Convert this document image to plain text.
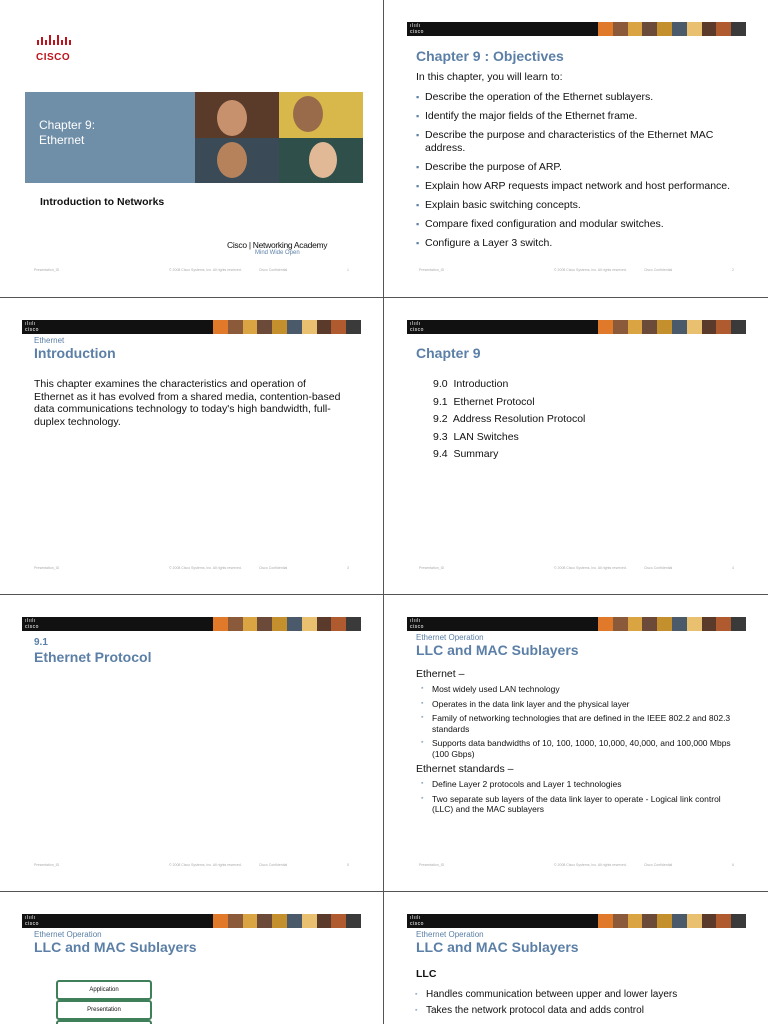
CISCO
Chapter 9:
Ethernet
Introduction to Networks
Cisco | Networking Academy
Mind Wide Open
Presentation_ID	© 2008 Cisco Systems, Inc. All rights reserved.	Cisco Confidential	1
ılıılı
cisco
Chapter 9 : Objectives
In this chapter, you will learn to:
▪ Describe the operation of the Ethernet sublayers.
▪ Identify the major fields of the Ethernet frame.
▪ Describe the purpose and characteristics of the Ethernet MAC address.
▪ Describe the purpose of ARP.
▪ Explain how ARP requests impact network and host performance.
▪ Explain basic switching concepts.
▪ Compare fixed configuration and modular switches.
▪ Configure a Layer 3 switch.
Presentation_ID	© 2008 Cisco Systems, Inc. All rights reserved.	Cisco Confidential	2
ılıılı
cisco
Ethernet
Introduction
This chapter examines the characteristics and operation of Ethernet as it has evolved from a shared media, contention-based data communications technology to today's high bandwidth, full-duplex technology.
Presentation_ID	© 2008 Cisco Systems, Inc. All rights reserved.	Cisco Confidential	3
ılıılı
cisco
Chapter 9
9.0 Introduction
9.1 Ethernet Protocol
9.2 Address Resolution Protocol
9.3 LAN Switches
9.4 Summary
Presentation_ID	© 2008 Cisco Systems, Inc. All rights reserved.	Cisco Confidential	4
ılıılı
cisco
9.1
Ethernet Protocol
Presentation_ID	© 2008 Cisco Systems, Inc. All rights reserved.	Cisco Confidential	5
ılıılı
cisco
Ethernet Operation
LLC and MAC Sublayers
Ethernet –
▪ Most widely used LAN technology
▪ Operates in the data link layer and the physical layer
▪ Family of networking technologies that are defined in the IEEE 802.2 and 802.3 standards
▪ Supports data bandwidths of 10, 100, 1000, 10,000, 40,000, and 100,000 Mbps (100 Gbps)
Ethernet standards –
▪ Define Layer 2 protocols and Layer 1 technologies
▪ Two separate sub layers of the data link layer to operate - Logical link control (LLC) and the MAC sublayers
Presentation_ID	© 2008 Cisco Systems, Inc. All rights reserved.	Cisco Confidential	6
ılıılı
cisco
Ethernet Operation
LLC and MAC Sublayers
Application
Presentation
ılıılı
cisco
Ethernet Operation
LLC and MAC Sublayers
LLC
▪ Handles communication between upper and lower layers
▪ Takes the network protocol data and adds control
